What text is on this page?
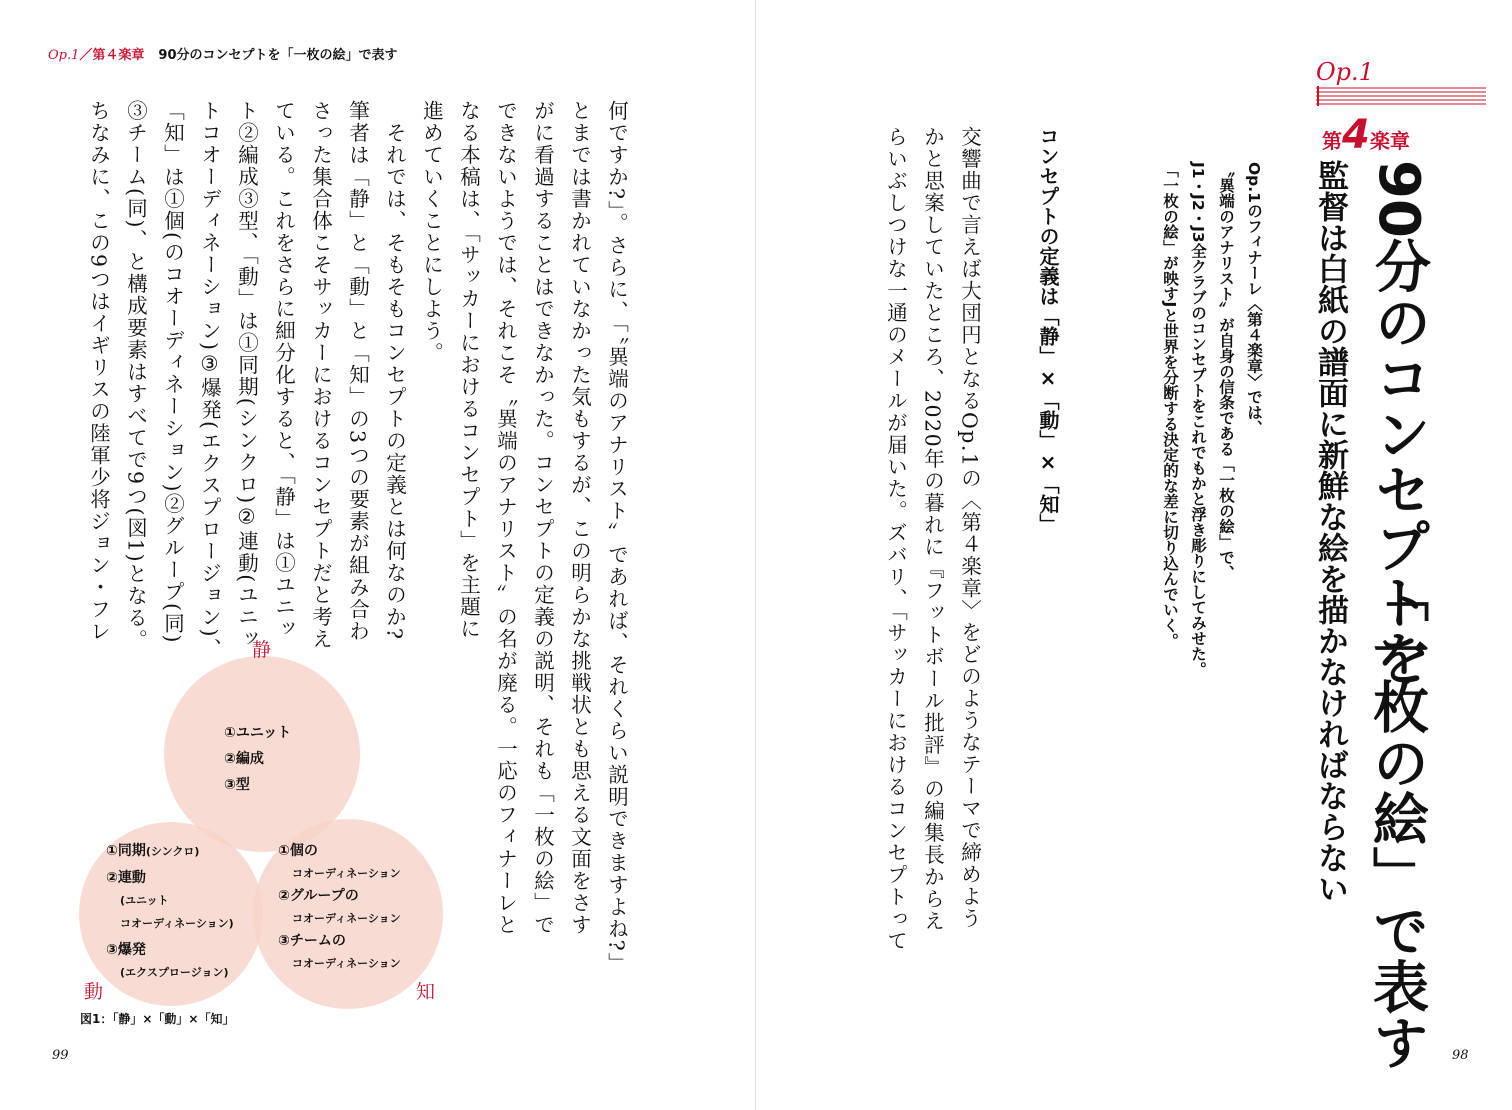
Op.1／第４楽章 90分のコンセプトを「一枚の絵」で表す
何ですか?」。さらに、「〝異端のアナリスト〟であれば、それくらい説明できますよね?」
とまでは書かれていなかった気もするが、この明らかな挑戦状とも思える文面をさす
がに看過することはできなかった。コンセプトの定義の説明、それも「一枚の絵」で
できないようでは、それこそ〝異端のアナリスト〟の名が廃る。一応のフィナーレと
なる本稿は、「サッカーにおけるコンセプト」を主題に
進めていくことにしよう。
　それでは、そもそもコンセプトの定義とは何なのか?
筆者は「静」と「動」と「知」の3つの要素が組み合わ
さった集合体こそサッカーにおけるコンセプトだと考え
ている。これをさらに細分化すると、「静」は①ユニッ
ト②編成③型、「動」は①同期(シンクロ)②連動(ユニッ
トコオーディネーション)③爆発(エクスプロージョン)、
「知」は①個(のコオーディネーション)②グループ(同)
③チーム(同)、と構成要素はすべてで9つ(図1)となる。
ちなみに、この9つはイギリスの陸軍少将ジョン・フレ
静
動	知
①ユニット
②編成
③型
①同期(シンクロ)
②連動
(ユニット
コオーディネーション)
③爆発
(エクスプロージョン)
①個の
コオーディネーション
②グループの
コオーディネーション
③チームの
コオーディネーション
図1：「静」×「動」×「知」
99
Op.1
第4楽章
90分のコンセプトを
「一枚の絵」で表す
監督は白紙の譜面に新鮮な絵を描かなければならない
Op.1のフィナーレ〈第４楽章〉では、
〝異端のアナリスト〟が自身の信条である「一枚の絵」で、
J1・J2・J3全クラブのコンセプトをこれでもかと浮き彫りにしてみせた。
「一枚の絵」が映すJと世界を分断する決定的な差に切り込んでいく。
コンセプトの定義は「静」×「動」×「知」
交響曲で言えば大団円となるOp.1の〈第４楽章〉をどのようなテーマで締めよう
かと思案していたところ、2020年の暮れに『フットボール批評』の編集長からえ
らいぶしつけな一通のメールが届いた。ズバリ、「サッカーにおけるコンセプトって
98
